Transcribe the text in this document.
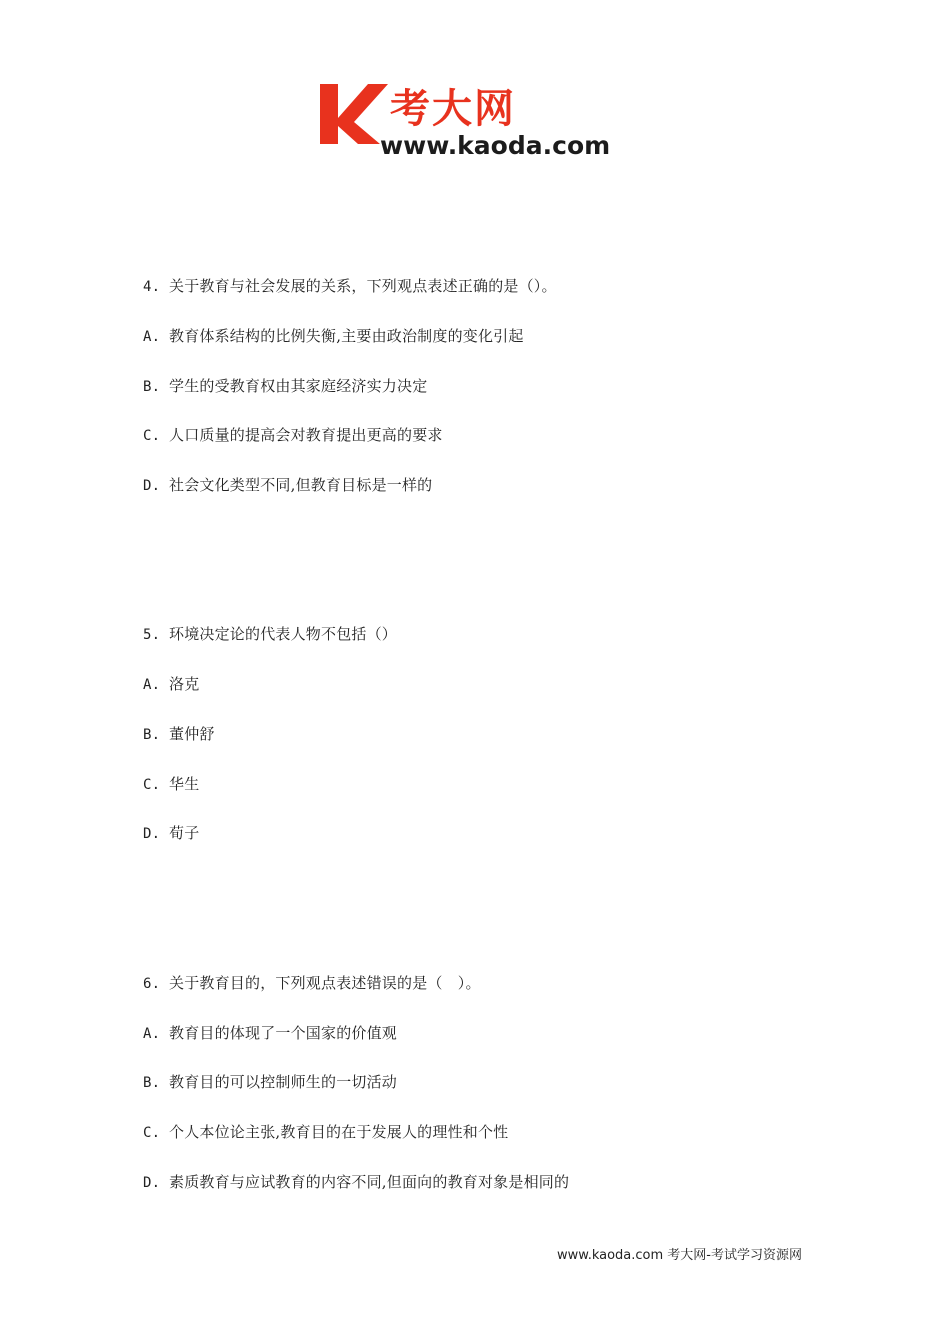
考大网
www.kaoda.com
4. 关于教育与社会发展的关系，下列观点表述正确的是（）。
A. 教育体系结构的比例失衡,主要由政治制度的变化引起
B. 学生的受教育权由其家庭经济实力决定
C. 人口质量的提高会对教育提出更高的要求
D. 社会文化类型不同,但教育目标是一样的
5. 环境决定论的代表人物不包括（）
A. 洛克
B. 董仲舒
C. 华生
D. 荀子
6. 关于教育目的，下列观点表述错误的是（　）。
A. 教育目的体现了一个国家的价值观
B. 教育目的可以控制师生的一切活动
C. 个人本位论主张,教育目的在于发展人的理性和个性
D. 素质教育与应试教育的内容不同,但面向的教育对象是相同的
www.kaoda.com 考大网-考试学习资源网
